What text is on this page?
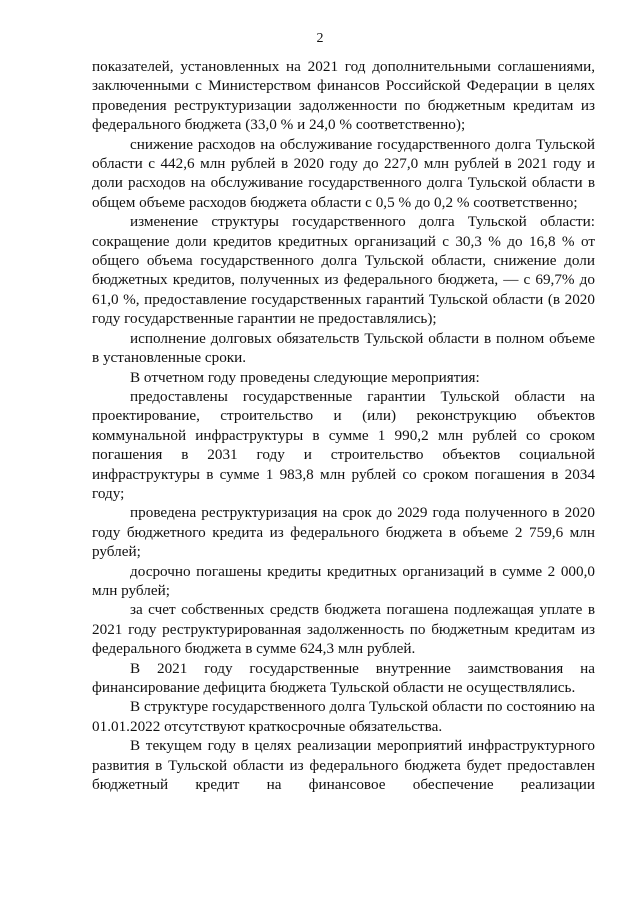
2

показателей, установленных на 2021 год дополнительными соглашениями, заключенными с Министерством финансов Российской Федерации в целях проведения реструктуризации задолженности по бюджетным кредитам из федерального бюджета (33,0 % и 24,0 % соответственно);

снижение расходов на обслуживание государственного долга Тульской области с 442,6 млн рублей в 2020 году до 227,0 млн рублей в 2021 году и доли расходов на обслуживание государственного долга Тульской области в общем объеме расходов бюджета области с 0,5 % до 0,2 % соответственно;

изменение структуры государственного долга Тульской области: сокращение доли кредитов кредитных организаций с 30,3 % до 16,8 % от общего объема государственного долга Тульской области, снижение доли бюджетных кредитов, полученных из федерального бюджета, — с 69,7% до 61,0 %, предоставление государственных гарантий Тульской области (в 2020 году государственные гарантии не предоставлялись);

исполнение долговых обязательств Тульской области в полном объеме в установленные сроки.

В отчетном году проведены следующие мероприятия:

предоставлены государственные гарантии Тульской области на проектирование, строительство и (или) реконструкцию объектов коммунальной инфраструктуры в сумме 1 990,2 млн рублей со сроком погашения в 2031 году и строительство объектов социальной инфраструктуры в сумме 1 983,8 млн рублей со сроком погашения в 2034 году;

проведена реструктуризация на срок до 2029 года полученного в 2020 году бюджетного кредита из федерального бюджета в объеме 2 759,6 млн рублей;

досрочно погашены кредиты кредитных организаций в сумме 2 000,0 млн рублей;

за счет собственных средств бюджета погашена подлежащая уплате в 2021 году реструктурированная задолженность по бюджетным кредитам из федерального бюджета в сумме 624,3 млн рублей.

В 2021 году государственные внутренние заимствования на финансирование дефицита бюджета Тульской области не осуществлялись.

В структуре государственного долга Тульской области по состоянию на 01.01.2022 отсутствуют краткосрочные обязательства.

В текущем году в целях реализации мероприятий инфраструктурного развития в Тульской области из федерального бюджета будет предоставлен бюджетный кредит на финансовое обеспечение реализации
